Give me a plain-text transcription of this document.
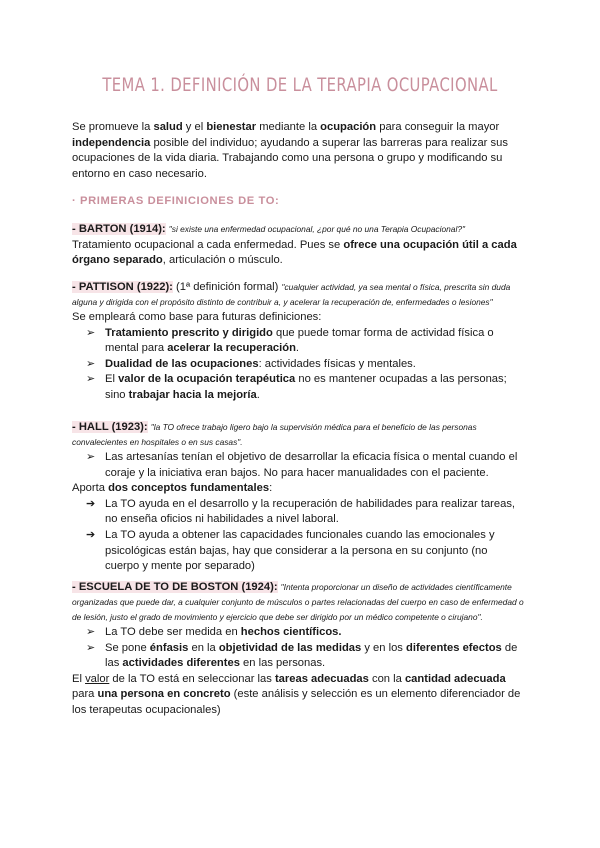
TEMA 1. DEFINICIÓN DE LA TERAPIA OCUPACIONAL
Se promueve la salud y el bienestar mediante la ocupación para conseguir la mayor independencia posible del individuo; ayudando a superar las barreras para realizar sus ocupaciones de la vida diaria. Trabajando como una persona o grupo y modificando su entorno en caso necesario.
· PRIMERAS DEFINICIONES DE TO:
- BARTON (1914): "si existe una enfermedad ocupacional, ¿por qué no una Terapia Ocupacional?"
Tratamiento ocupacional a cada enfermedad. Pues se ofrece una ocupación útil a cada órgano separado, articulación o músculo.
- PATTISON (1922): (1ª definición formal) "cualquier actividad, ya sea mental o física, prescrita sin duda alguna y dirigida con el propósito distinto de contribuir a, y acelerar la recuperación de, enfermedades o lesiones"
Se empleará como base para futuras definiciones:
➢ Tratamiento prescrito y dirigido que puede tomar forma de actividad física o mental para acelerar la recuperación.
➢ Dualidad de las ocupaciones: actividades físicas y mentales.
➢ El valor de la ocupación terapéutica no es mantener ocupadas a las personas; sino trabajar hacia la mejoría.
- HALL (1923): "la TO ofrece trabajo ligero bajo la supervisión médica para el beneficio de las personas convalecientes en hospitales o en sus casas".
➢ Las artesanías tenían el objetivo de desarrollar la eficacia física o mental cuando el coraje y la iniciativa eran bajos. No para hacer manualidades con el paciente.
Aporta dos conceptos fundamentales:
➔ La TO ayuda en el desarrollo y la recuperación de habilidades para realizar tareas, no enseña oficios ni habilidades a nivel laboral.
➔ La TO ayuda a obtener las capacidades funcionales cuando las emocionales y psicológicas están bajas, hay que considerar a la persona en su conjunto (no cuerpo y mente por separado)
- ESCUELA DE TO DE BOSTON (1924): "Intenta proporcionar un diseño de actividades científicamente organizadas que puede dar, a cualquier conjunto de músculos o partes relacionadas del cuerpo en caso de enfermedad o de lesión, justo el grado de movimiento y ejercicio que debe ser dirigido por un médico competente o cirujano".
➢ La TO debe ser medida en hechos científicos.
➢ Se pone énfasis en la objetividad de las medidas y en los diferentes efectos de las actividades diferentes en las personas.
El valor de la TO está en seleccionar las tareas adecuadas con la cantidad adecuada para una persona en concreto (este análisis y selección es un elemento diferenciador de los terapeutas ocupacionales)
